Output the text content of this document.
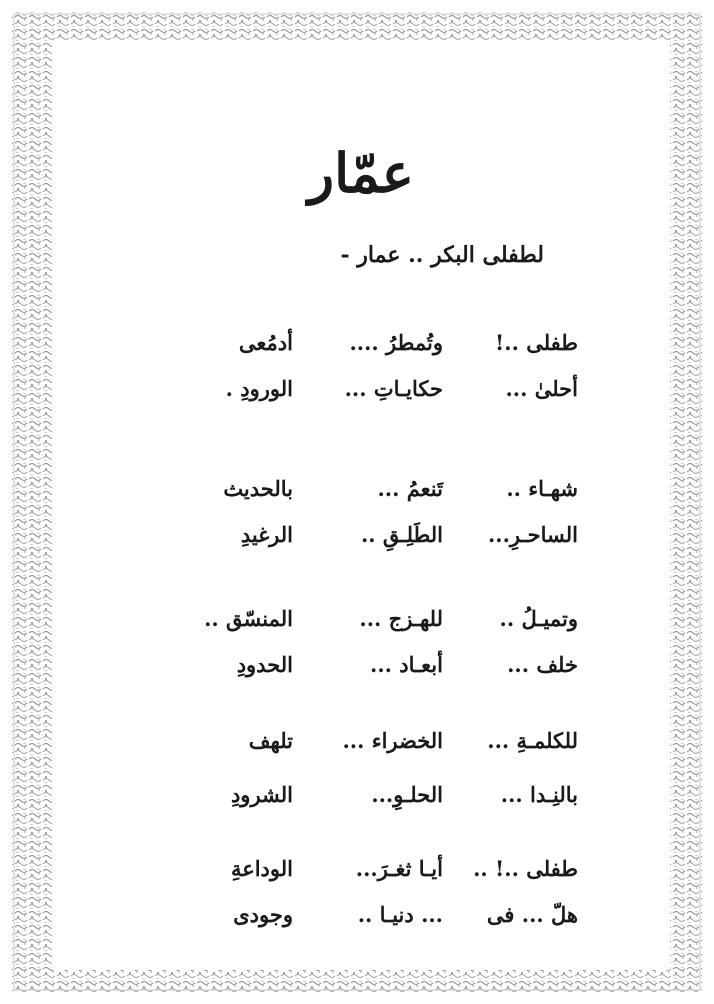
عمّار
لطفلى البكر .. عمار -
طفلى ..!
وتُمطرُ ....
أدمُعى
أحلىٰ ...
حكايـاتِ ...
الورودِ .
شهـاء ..
تَنعمُ ...
بالحديث
الساحـرِ...
الطَلِـقِ ..
الرغيدِ
وتميـلُ ..
للهـزج ...
المنسّق ..
خلف ...
أبعـاد ...
الحدودِ
للكلمـةِ ...
الخضراء ...
تلهف
بالنِـدا ...
الحلـوِ...
الشرودِ
طفلى ..! ..
أيـا ثغـرَ...
الوداعةِ
هلّ ... فى
... دنيـا ..
وجودى
